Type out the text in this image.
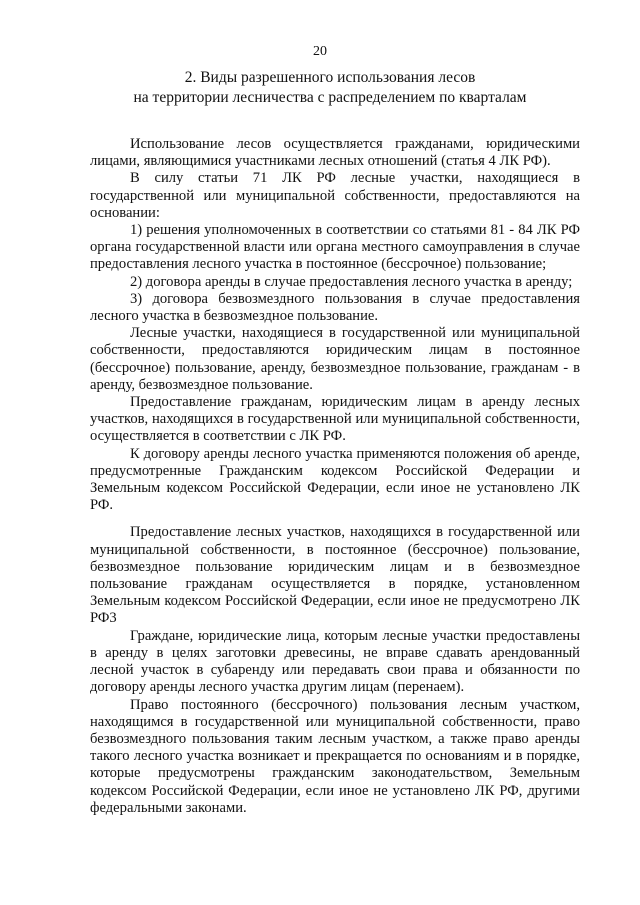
20
2. Виды разрешенного использования лесов
на территории лесничества с распределением по кварталам

Использование лесов осуществляется гражданами, юридическими лицами, являющимися участниками лесных отношений (статья 4 ЛК РФ).

В силу статьи 71 ЛК РФ лесные участки, находящиеся в государственной или муниципальной собственности, предоставляются на основании:

1) решения уполномоченных в соответствии со статьями 81 - 84 ЛК РФ органа государственной власти или органа местного самоуправления в случае предоставления лесного участка в постоянное (бессрочное) пользование;

2) договора аренды в случае предоставления лесного участка в аренду;

3) договора безвозмездного пользования в случае предоставления лесного участка в безвозмездное пользование.

Лесные участки, находящиеся в государственной или муниципальной собственности, предоставляются юридическим лицам в постоянное (бессрочное) пользование, аренду, безвозмездное пользование, гражданам - в аренду, безвозмездное пользование.

Предоставление гражданам, юридическим лицам в аренду лесных участков, находящихся в государственной или муниципальной собственности, осуществляется в соответствии с ЛК РФ.

К договору аренды лесного участка применяются положения об аренде, предусмотренные Гражданским кодексом Российской Федерации и Земельным кодексом Российской Федерации, если иное не установлено ЛК РФ.

Предоставление лесных участков, находящихся в государственной или муниципальной собственности, в постоянное (бессрочное) пользование, безвозмездное пользование юридическим лицам и в безвозмездное пользование гражданам осуществляется в порядке, установленном Земельным кодексом Российской Федерации, если иное не предусмотрено ЛК РФ3

Граждане, юридические лица, которым лесные участки предоставлены в аренду в целях заготовки древесины, не вправе сдавать арендованный лесной участок в субаренду или передавать свои права и обязанности по договору аренды лесного участка другим лицам (перенаем).

Право постоянного (бессрочного) пользования лесным участком, находящимся в государственной или муниципальной собственности, право безвозмездного пользования таким лесным участком, а также право аренды такого лесного участка возникает и прекращается по основаниям и в порядке, которые предусмотрены гражданским законодательством, Земельным кодексом Российской Федерации, если иное не установлено ЛК РФ, другими федеральными законами.
